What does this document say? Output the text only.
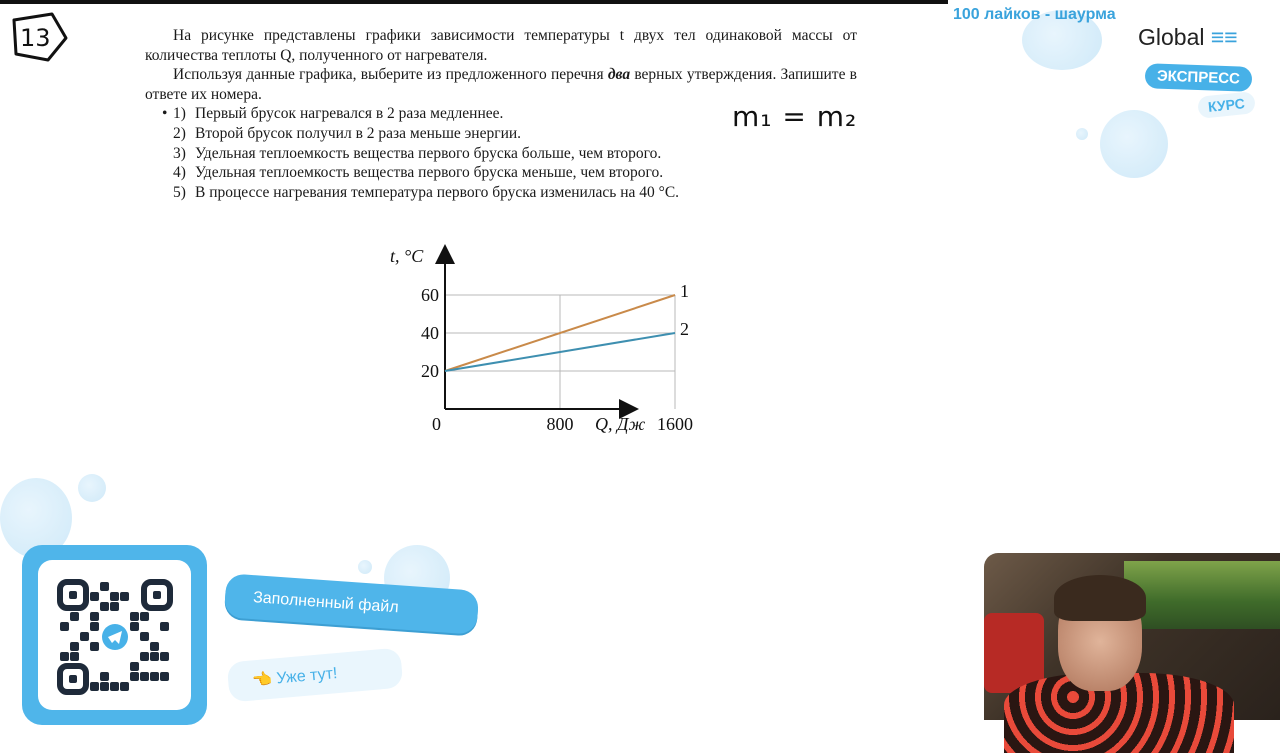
13	На рисунке представлены графики зависимости температуры t двух тел одинаковой массы от количества теплоты Q, полученного от нагревателя.

Используя данные графика, выберите из предложенного перечня два верных утверждения. Запишите в ответе их номера.

• 1) Первый брусок нагревался в 2 раза медленнее.
2) Второй брусок получил в 2 раза меньше энергии.
3) Удельная теплоемкость вещества первого бруска больше, чем второго.
4) Удельная теплоемкость вещества первого бруска меньше, чем второго.
5) В процессе нагревания температура первого бруска изменилась на 40 °С.
m₁ = m₂
100 лайков - шаурма
Global ≡≡
ЭКСПРЕСС
КУРС
800	1600
20
40
60	1
2
t, °C
Q, Дж
0
Заполненный файл
👈 Уже тут!
